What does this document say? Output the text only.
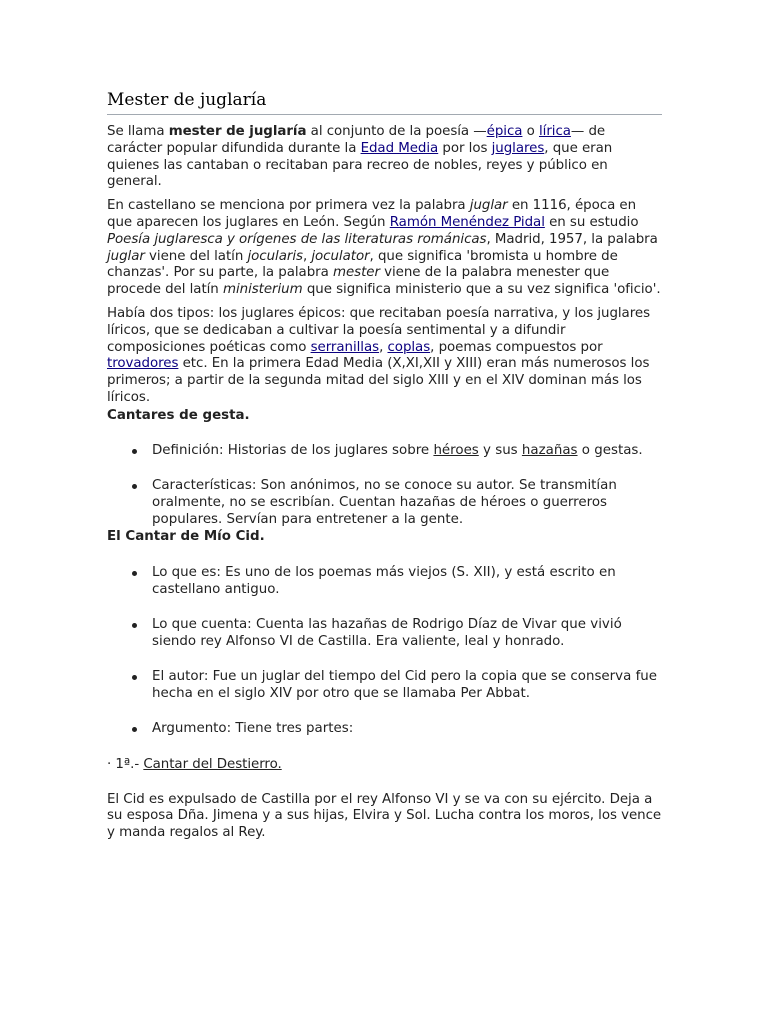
Mester de juglaría

Se llama mester de juglaría al conjunto de la poesía —épica o lírica— de carácter popular difundida durante la Edad Media por los juglares, que eran quienes las cantaban o recitaban para recreo de nobles, reyes y público en general.

En castellano se menciona por primera vez la palabra juglar en 1116, época en que aparecen los juglares en León. Según Ramón Menéndez Pidal en su estudio Poesía juglaresca y orígenes de las literaturas románicas, Madrid, 1957, la palabra juglar viene del latín jocularis, joculator, que significa 'bromista u hombre de chanzas'. Por su parte, la palabra mester viene de la palabra menester que procede del latín ministerium que significa ministerio que a su vez significa 'oficio'.

Había dos tipos: los juglares épicos: que recitaban poesía narrativa, y los juglares líricos, que se dedicaban a cultivar la poesía sentimental y a difundir composiciones poéticas como serranillas, coplas, poemas compuestos por trovadores etc. En la primera Edad Media (X,XI,XII y XIII) eran más numerosos los primeros; a partir de la segunda mitad del siglo XIII y en el XIV dominan más los líricos.

Cantares de gesta.
Definición: Historias de los juglares sobre héroes y sus hazañas o gestas.
Características: Son anónimos, no se conoce su autor. Se transmitían oralmente, no se escribían. Cuentan hazañas de héroes o guerreros populares. Servían para entretener a la gente.
El Cantar de Mío Cid.
Lo que es: Es uno de los poemas más viejos (S. XII), y está escrito en castellano antiguo.
Lo que cuenta: Cuenta las hazañas de Rodrigo Díaz de Vivar que vivió siendo rey Alfonso VI de Castilla. Era valiente, leal y honrado.
El autor: Fue un juglar del tiempo del Cid pero la copia que se conserva fue hecha en el siglo XIV por otro que se llamaba Per Abbat.
Argumento: Tiene tres partes:

· 1ª.- Cantar del Destierro.

El Cid es expulsado de Castilla por el rey Alfonso VI y se va con su ejército. Deja a su esposa Dña. Jimena y a sus hijas, Elvira y Sol. Lucha contra los moros, los vence y manda regalos al Rey.
